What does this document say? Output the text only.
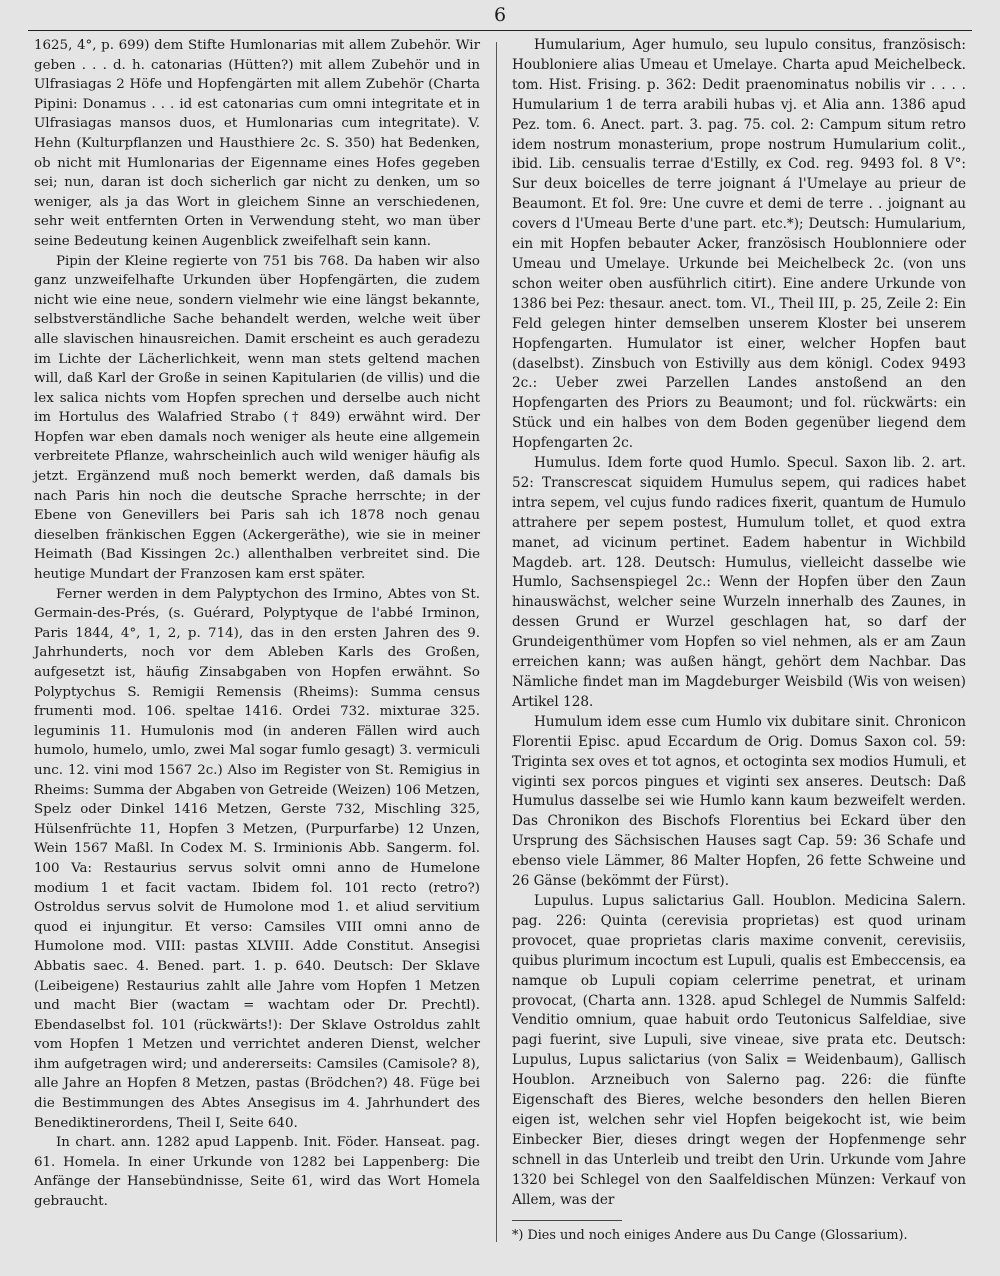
6

1625, 4°, p. 699) dem Stifte Humlonarias mit allem Zubehör. Wir geben . . . d. h. catonarias (Hütten?) mit allem Zubehör und in Ulfrasiagas 2 Höfe und Hopfengärten mit allem Zubehör (Charta Pipini: Donamus . . . id est catonarias cum omni integritate et in Ulfrasiagas mansos duos, et Humlonarias cum integritate). V. Hehn (Kulturpflanzen und Hausthiere 2c. S. 350) hat Bedenken, ob nicht mit Humlonarias der Eigenname eines Hofes gegeben sei; nun, daran ist doch sicherlich gar nicht zu denken, um so weniger, als ja das Wort in gleichem Sinne an verschiedenen, sehr weit entfernten Orten in Verwendung steht, wo man über seine Bedeutung keinen Augenblick zweifelhaft sein kann.

Pipin der Kleine regierte von 751 bis 768. Da haben wir also ganz unzweifelhafte Urkunden über Hopfengärten, die zudem nicht wie eine neue, sondern vielmehr wie eine längst bekannte, selbstverständliche Sache behandelt werden, welche weit über alle slavischen hinausreichen. Damit erscheint es auch geradezu im Lichte der Lächerlichkeit, wenn man stets geltend machen will, daß Karl der Große in seinen Kapitularien (de villis) und die lex salica nichts vom Hopfen sprechen und derselbe auch nicht im Hortulus des Walafried Strabo († 849) erwähnt wird. Der Hopfen war eben damals noch weniger als heute eine allgemein verbreitete Pflanze, wahrscheinlich auch wild weniger häufig als jetzt. Ergänzend muß noch bemerkt werden, daß damals bis nach Paris hin noch die deutsche Sprache herrschte; in der Ebene von Genevillers bei Paris sah ich 1878 noch genau dieselben fränkischen Eggen (Ackergeräthe), wie sie in meiner Heimath (Bad Kissingen 2c.) allenthalben verbreitet sind. Die heutige Mundart der Franzosen kam erst später.

Ferner werden in dem Palyptychon des Irmino, Abtes von St. Germain-des-Prés, (s. Guérard, Polyptyque de l'abbé Irminon, Paris 1844, 4°, 1, 2, p. 714), das in den ersten Jahren des 9. Jahrhunderts, noch vor dem Ableben Karls des Großen, aufgesetzt ist, häufig Zinsabgaben von Hopfen erwähnt. So Polyptychus S. Remigii Remensis (Rheims): Summa census frumenti mod. 106. speltae 1416. Ordei 732. mixturae 325. leguminis 11. Humulonis mod (in anderen Fällen wird auch humolo, humelo, umlo, zwei Mal sogar fumlo gesagt) 3. vermiculi unc. 12. vini mod 1567 2c.) Also im Register von St. Remigius in Rheims: Summa der Abgaben von Getreide (Weizen) 106 Metzen, Spelz oder Dinkel 1416 Metzen, Gerste 732, Mischling 325, Hülsenfrüchte 11, Hopfen 3 Metzen, (Purpurfarbe) 12 Unzen, Wein 1567 Maßl. In Codex M. S. Irminionis Abb. Sangerm. fol. 100 Va: Restaurius servus solvit omni anno de Humelone modium 1 et facit vactam. Ibidem fol. 101 recto (retro?) Ostroldus servus solvit de Humolone mod 1. et aliud servitium quod ei injungitur. Et verso: Camsiles VIII omni anno de Humolone mod. VIII: pastas XLVIII. Adde Constitut. Ansegisi Abbatis saec. 4. Bened. part. 1. p. 640. Deutsch: Der Sklave (Leibeigene) Restaurius zahlt alle Jahre vom Hopfen 1 Metzen und macht Bier (wactam = wachtam oder Dr. Prechtl). Ebendaselbst fol. 101 (rückwärts!): Der Sklave Ostroldus zahlt vom Hopfen 1 Metzen und verrichtet anderen Dienst, welcher ihm aufgetragen wird; und andererseits: Camsiles (Camisole? 8), alle Jahre an Hopfen 8 Metzen, pastas (Brödchen?) 48. Füge bei die Bestimmungen des Abtes Ansegisus im 4. Jahrhundert des Benediktinerordens, Theil I, Seite 640.

In chart. ann. 1282 apud Lappenb. Init. Föder. Hanseat. pag. 61. Homela. In einer Urkunde von 1282 bei Lappenberg: Die Anfänge der Hansebündnisse, Seite 61, wird das Wort Homela gebraucht.

Humularium, Ager humulo, seu lupulo consitus, französisch: Houbloniere alias Umeau et Umelaye. Charta apud Meichelbeck. tom. Hist. Frising. p. 362: Dedit praenominatus nobilis vir . . . . Humularium 1 de terra arabili hubas vj. et Alia ann. 1386 apud Pez. tom. 6. Anect. part. 3. pag. 75. col. 2: Campum situm retro idem nostrum monasterium, prope nostrum Humularium colit., ibid. Lib. censualis terrae d'Estilly, ex Cod. reg. 9493 fol. 8 V°: Sur deux boicelles de terre joignant á l'Umelaye au prieur de Beaumont. Et fol. 9re: Une cuvre et demi de terre . . joignant au covers d l'Umeau Berte d'une part. etc.*); Deutsch: Humularium, ein mit Hopfen bebauter Acker, französisch Houblonniere oder Umeau und Umelaye. Urkunde bei Meichelbeck 2c. (von uns schon weiter oben ausführlich citirt). Eine andere Urkunde von 1386 bei Pez: thesaur. anect. tom. VI., Theil III, p. 25, Zeile 2: Ein Feld gelegen hinter demselben unserem Kloster bei unserem Hopfengarten. Humulator ist einer, welcher Hopfen baut (daselbst). Zinsbuch von Estivilly aus dem königl. Codex 9493 2c.: Ueber zwei Parzellen Landes anstoßend an den Hopfengarten des Priors zu Beaumont; und fol. rückwärts: ein Stück und ein halbes von dem Boden gegenüber liegend dem Hopfengarten 2c.

Humulus. Idem forte quod Humlo. Specul. Saxon lib. 2. art. 52: Transcrescat siquidem Humulus sepem, qui radices habet intra sepem, vel cujus fundo radices fixerit, quantum de Humulo attrahere per sepem postest, Humulum tollet, et quod extra manet, ad vicinum pertinet. Eadem habentur in Wichbild Magdeb. art. 128. Deutsch: Humulus, vielleicht dasselbe wie Humlo, Sachsenspiegel 2c.: Wenn der Hopfen über den Zaun hinauswächst, welcher seine Wurzeln innerhalb des Zaunes, in dessen Grund er Wurzel geschlagen hat, so darf der Grundeigenthümer vom Hopfen so viel nehmen, als er am Zaun erreichen kann; was außen hängt, gehört dem Nachbar. Das Nämliche findet man im Magdeburger Weisbild (Wis von weisen) Artikel 128.

Humulum idem esse cum Humlo vix dubitare sinit. Chronicon Florentii Episc. apud Eccardum de Orig. Domus Saxon col. 59: Triginta sex oves et tot agnos, et octoginta sex modios Humuli, et viginti sex porcos pingues et viginti sex anseres. Deutsch: Daß Humulus dasselbe sei wie Humlo kann kaum bezweifelt werden. Das Chronikon des Bischofs Florentius bei Eckard über den Ursprung des Sächsischen Hauses sagt Cap. 59: 36 Schafe und ebenso viele Lämmer, 86 Malter Hopfen, 26 fette Schweine und 26 Gänse (bekömmt der Fürst).

Lupulus. Lupus salictarius Gall. Houblon. Medicina Salern. pag. 226: Quinta (cerevisia proprietas) est quod urinam provocet, quae proprietas claris maxime convenit, cerevisiis, quibus plurimum incoctum est Lupuli, qualis est Embeccensis, ea namque ob Lupuli copiam celerrime penetrat, et urinam provocat, (Charta ann. 1328. apud Schlegel de Nummis Salfeld: Venditio omnium, quae habuit ordo Teutonicus Salfeldiae, sive pagi fuerint, sive Lupuli, sive vineae, sive prata etc. Deutsch: Lupulus, Lupus salictarius (von Salix = Weidenbaum), Gallisch Houblon. Arzneibuch von Salerno pag. 226: die fünfte Eigenschaft des Bieres, welche besonders den hellen Bieren eigen ist, welchen sehr viel Hopfen beigekocht ist, wie beim Einbecker Bier, dieses dringt wegen der Hopfenmenge sehr schnell in das Unterleib und treibt den Urin. Urkunde vom Jahre 1320 bei Schlegel von den Saalfeldischen Münzen: Verkauf von Allem, was der

*) Dies und noch einiges Andere aus Du Cange (Glossarium).
